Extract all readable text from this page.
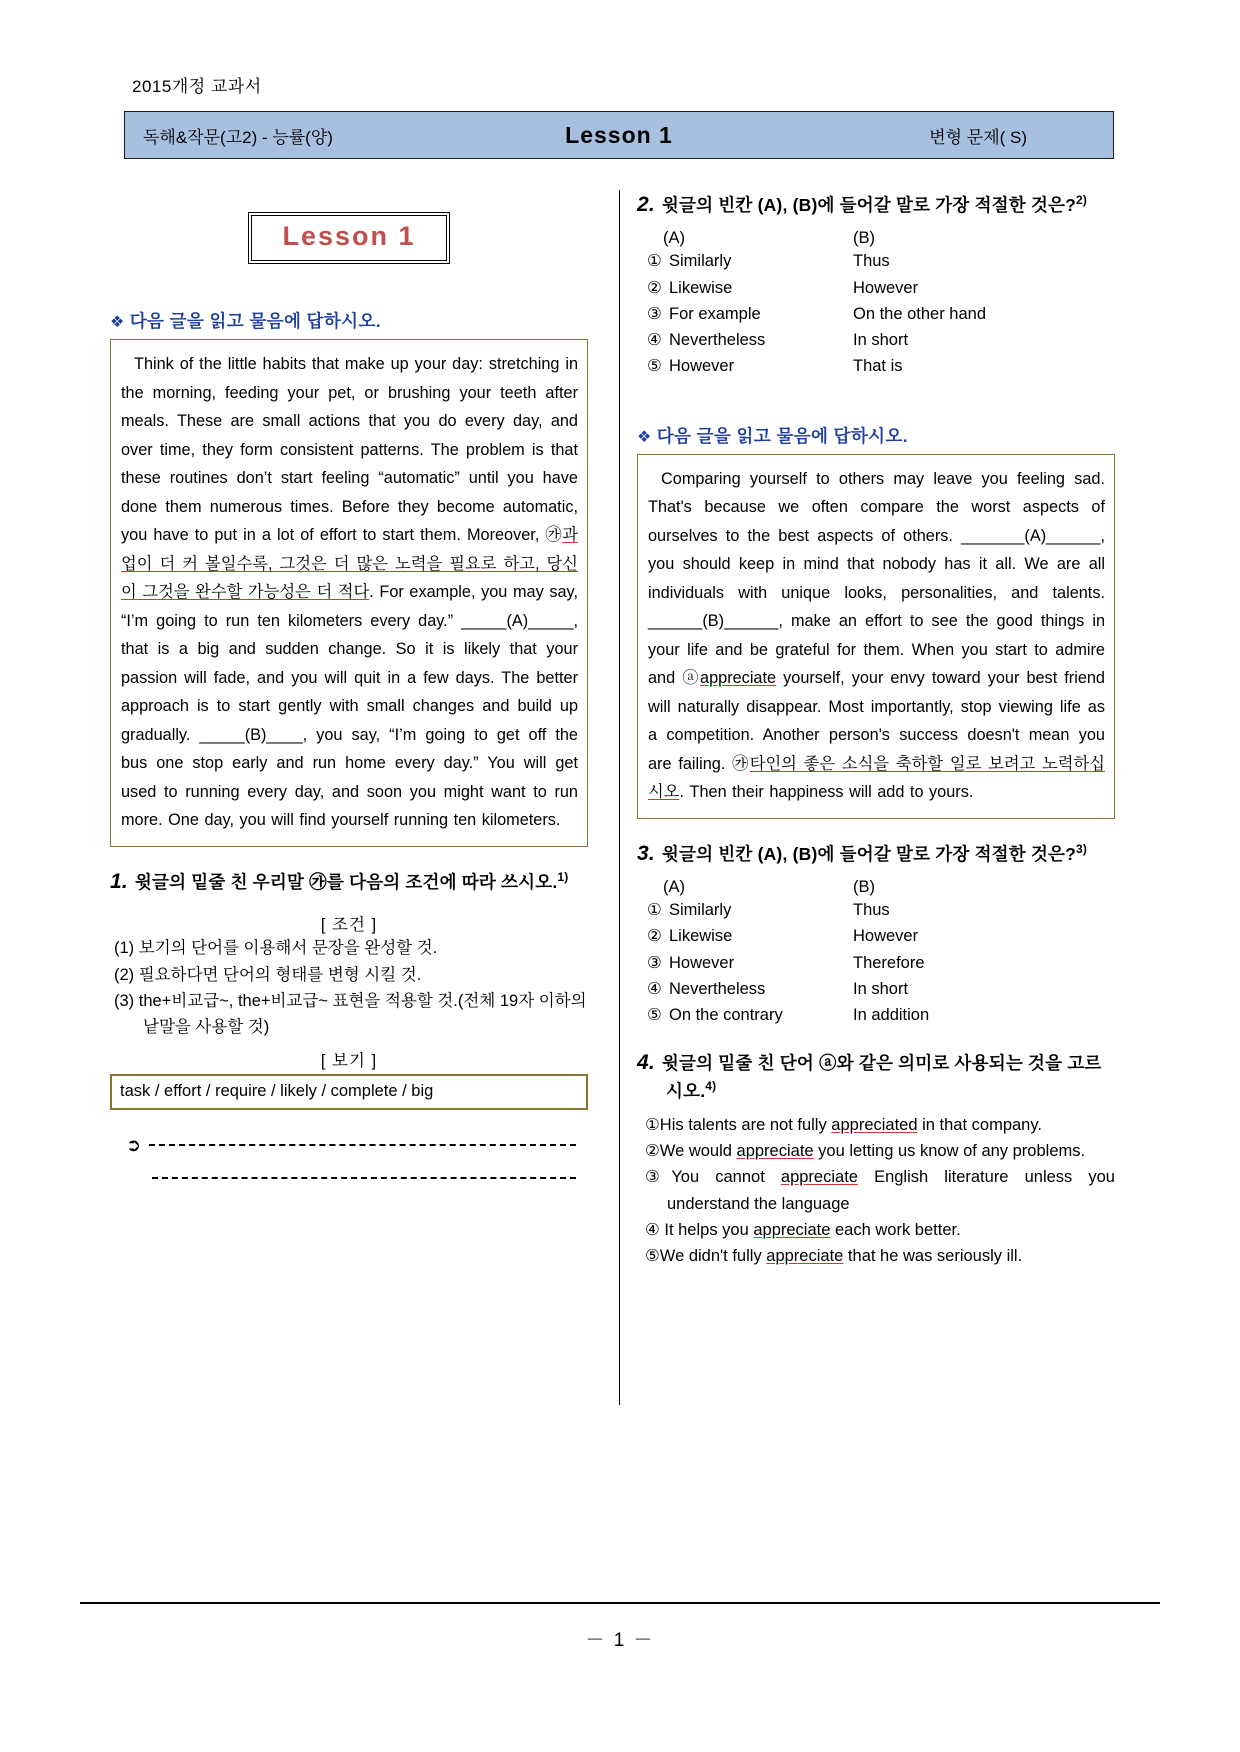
2015개정 교과서
독해&작문(고2) - 능률(양)	Lesson 1	변형 문제( S)
Lesson 1
❖ 다음 글을 읽고 물음에 답하시오.
Think of the little habits that make up your day: stretching in the morning, feeding your pet, or brushing your teeth after meals. These are small actions that you do every day, and over time, they form consistent patterns. The problem is that these routines don’t start feeling “automatic” until you have done them numerous times. Before they become automatic, you have to put in a lot of effort to start them. Moreover, ㉮과업이 더 커 볼일수록, 그것은 더 많은 노력을 필요로 하고, 당신이 그것을 완수할 가능성은 더 적다. For example, you may say, “I’m going to run ten kilometers every day.” _____(A)_____, that is a big and sudden change. So it is likely that your passion will fade, and you will quit in a few days. The better approach is to start gently with small changes and build up gradually. _____(B)____, you say, “I’m going to get off the bus one stop early and run home every day.” You will get used to running every day, and soon you might want to run more. One day, you will find yourself running ten kilometers.
1. 윗글의 밑줄 친 우리말 ㉮를 다음의 조건에 따라 쓰시오.$^{1)}$
[ 조건 ]
(1) 보기의 단어를 이용해서 문장을 완성할 것.
(2) 필요하다면 단어의 형태를 변형 시킬 것.
(3) the+비교급~, the+비교급~ 표현을 적용할 것.(전체 19자 이하의 낱말을 사용할 것)
[ 보기 ]
task / effort / require / likely / complete / big
➲
2. 윗글의 빈칸 (A), (B)에 들어갈 말로 가장 적절한 것은?$^{2)}$
(A)	(B)
① Similarly	Thus
② Likewise	However
③ For example	On the other hand
④ Nevertheless	In short
⑤ However	That is
❖ 다음 글을 읽고 물음에 답하시오.
Comparing yourself to others may leave you feeling sad. That's because we often compare the worst aspects of ourselves to the best aspects of others. _______(A)______, you should keep in mind that nobody has it all. We are all individuals with unique looks, personalities, and talents. ______(B)______, make an effort to see the good things in your life and be grateful for them. When you start to admire and ⓐappreciate yourself, your envy toward your best friend will naturally disappear. Most importantly, stop viewing life as a competition. Another person's success doesn't mean you are failing. ㉮타인의 좋은 소식을 축하할 일로 보려고 노력하십시오. Then their happiness will add to yours.
3. 윗글의 빈칸 (A), (B)에 들어갈 말로 가장 적절한 것은?$^{3)}$
(A)	(B)
① Similarly	Thus
② Likewise	However
③ However	Therefore
④ Nevertheless	In short
⑤ On the contrary	In addition
4. 윗글의 밑줄 친 단어 ⓐ와 같은 의미로 사용되는 것을 고르시오.$^{4)}$
①His talents are not fully appreciated in that company.
②We would appreciate you letting us know of any problems.
③You cannot appreciate English literature unless you understand the language
④ It helps you appreciate each work better.
⑤We didn't fully appreciate that he was seriously ill.
－ 1 －
